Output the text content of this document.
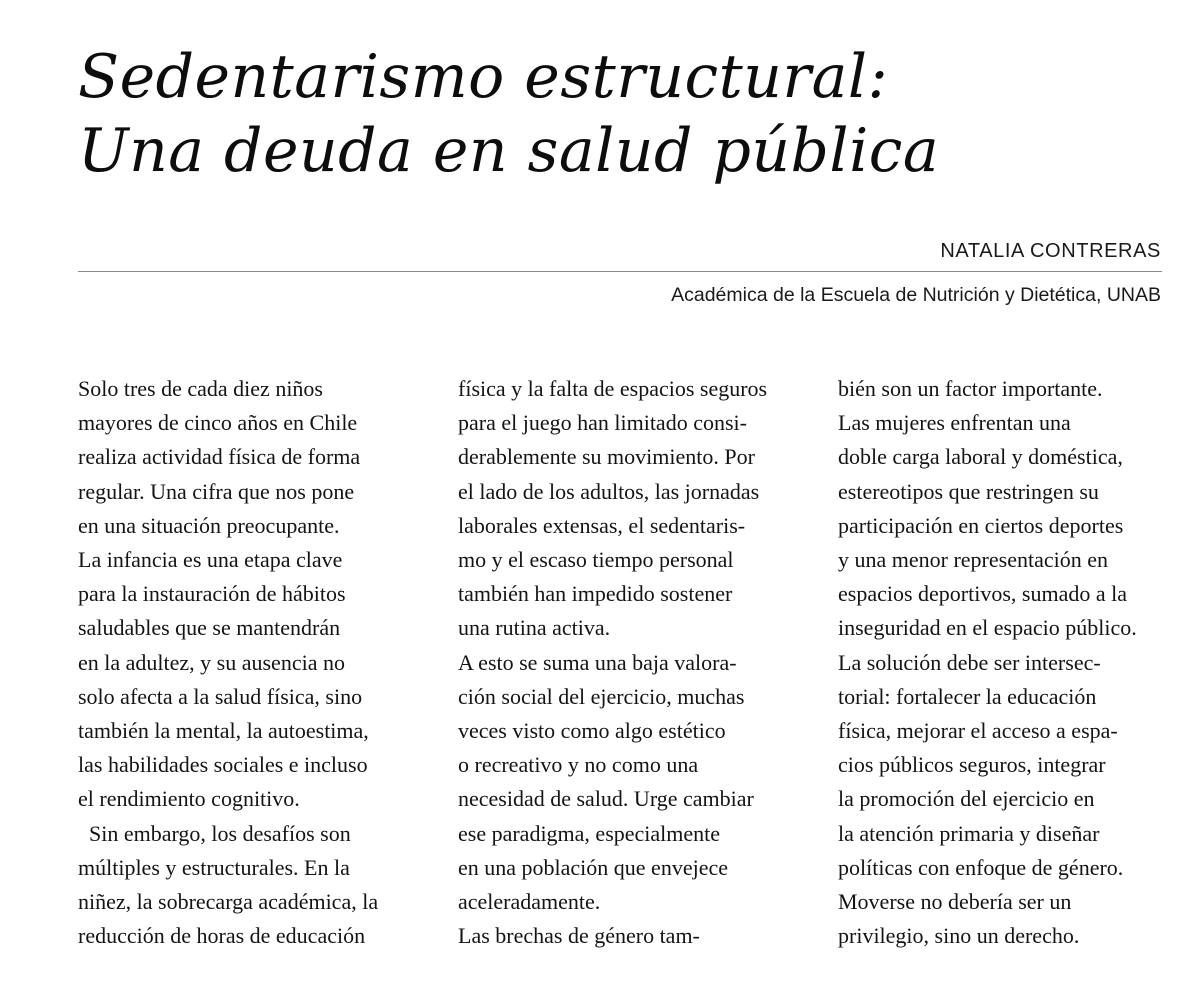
Sedentarismo estructural:
Una deuda en salud pública
NATALIA CONTRERAS
Académica de la Escuela de Nutrición y Dietética, UNAB
Solo tres de cada diez niños
mayores de cinco años en Chile
realiza actividad física de forma
regular. Una cifra que nos pone
en una situación preocupante.
La infancia es una etapa clave
para la instauración de hábitos
saludables que se mantendrán
en la adultez, y su ausencia no
solo afecta a la salud física, sino
también la mental, la autoestima,
las habilidades sociales e incluso
el rendimiento cognitivo.
Sin embargo, los desafíos son
múltiples y estructurales. En la
niñez, la sobrecarga académica, la
reducción de horas de educación
física y la falta de espacios seguros
para el juego han limitado consi-
derablemente su movimiento. Por
el lado de los adultos, las jornadas
laborales extensas, el sedentaris-
mo y el escaso tiempo personal
también han impedido sostener
una rutina activa.
A esto se suma una baja valora-
ción social del ejercicio, muchas
veces visto como algo estético
o recreativo y no como una
necesidad de salud. Urge cambiar
ese paradigma, especialmente
en una población que envejece
aceleradamente.
Las brechas de género tam-
bién son un factor importante.
Las mujeres enfrentan una
doble carga laboral y doméstica,
estereotipos que restringen su
participación en ciertos deportes
y una menor representación en
espacios deportivos, sumado a la
inseguridad en el espacio público.
La solución debe ser intersec-
torial: fortalecer la educación
física, mejorar el acceso a espa-
cios públicos seguros, integrar
la promoción del ejercicio en
la atención primaria y diseñar
políticas con enfoque de género.
Moverse no debería ser un
privilegio, sino un derecho.
